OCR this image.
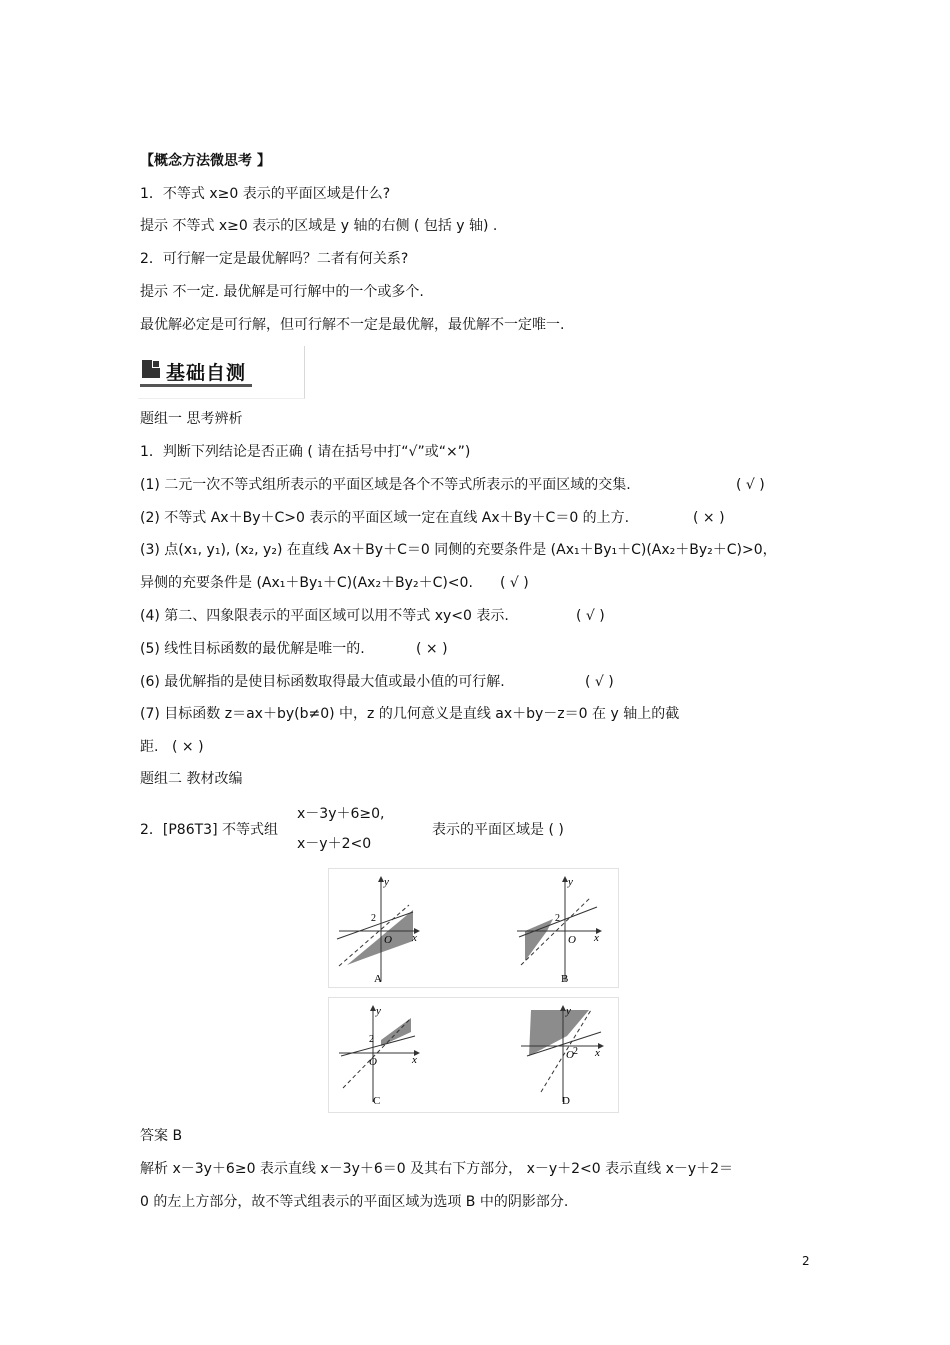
【概念方法微思考 】
1．不等式 x≥0 表示的平面区域是什么?
提示 不等式 x≥0 表示的区域是 y 轴的右侧 ( 包括 y 轴) .
2．可行解一定是最优解吗？二者有何关系?
提示 不一定. 最优解是可行解中的一个或多个.
最优解必定是可行解，但可行解不一定是最优解，最优解不一定唯一.
基础自测
题组一 思考辨析
1．判断下列结论是否正确 ( 请在括号中打“√”或“×”)
(1) 二元一次不等式组所表示的平面区域是各个不等式所表示的平面区域的交集.	( √ )
(2) 不等式 Ax＋By＋C>0 表示的平面区域一定在直线 Ax＋By＋C＝0 的上方.	( × )
(3) 点(x₁, y₁), (x₂, y₂) 在直线 Ax＋By＋C＝0 同侧的充要条件是 (Ax₁＋By₁＋C)(Ax₂＋By₂＋C)>0，
异侧的充要条件是 (Ax₁＋By₁＋C)(Ax₂＋By₂＋C)<0. ( √ )
(4) 第二、四象限表示的平面区域可以用不等式 xy<0 表示.	( √ )
(5) 线性目标函数的最优解是唯一的.	( × )
(6) 最优解指的是使目标函数取得最大值或最小值的可行解.	( √ )
(7) 目标函数 z＝ax＋by(b≠0) 中，z 的几何意义是直线 ax＋by－z＝0 在 y 轴上的截
距. ( × )
题组二 教材改编
2．[P86T3] 不等式组
x－3y＋6≥0,
x－y＋2<0
表示的平面区域是 ( )
x
y
O
2
A
x
y
O
2
B
x
y
O
2
C
x
y
O 2
D
答案 B
解析 x－3y＋6≥0 表示直线 x－3y＋6＝0 及其右下方部分， x－y＋2<0 表示直线 x－y＋2＝
0 的左上方部分，故不等式组表示的平面区域为选项 B 中的阴影部分.
2
